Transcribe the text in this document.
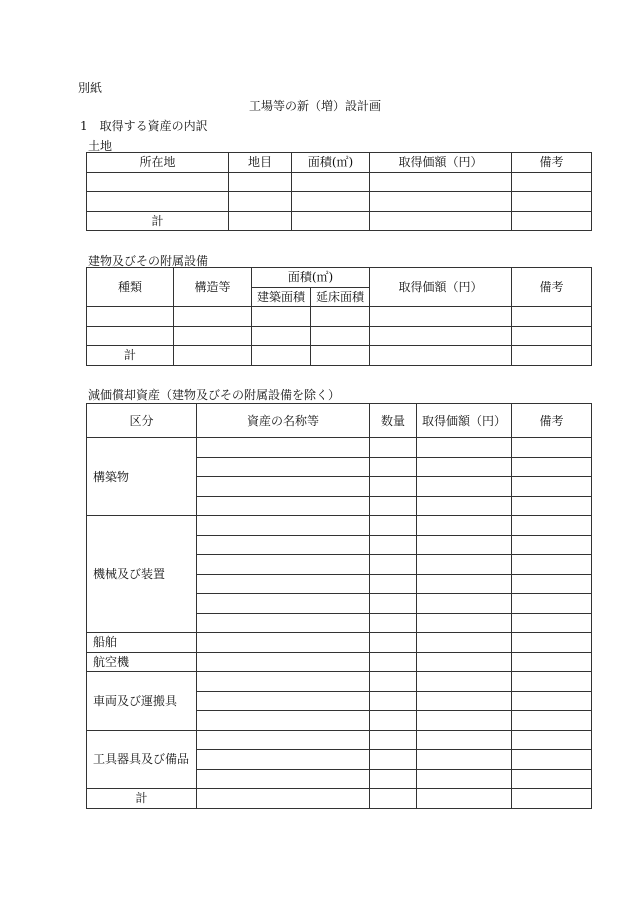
別紙
工場等の新（増）設計画
1　 取得する資産の内訳
土地
所在地	地目	面積(㎡)	取得価額（円）	備考

計				
建物及びその附属設備
種類	構造等	面積(㎡)		取得価額（円）	備考
		建築面積	延床面積		

計					
減価償却資産（建物及びその附属設備を除く）
区分	資産の名称等	数量	取得価額（円）	備考
構築物				

機械及び装置				

船舶				
航空機				
車両及び運搬具				

工具器具及び備品				

計				
